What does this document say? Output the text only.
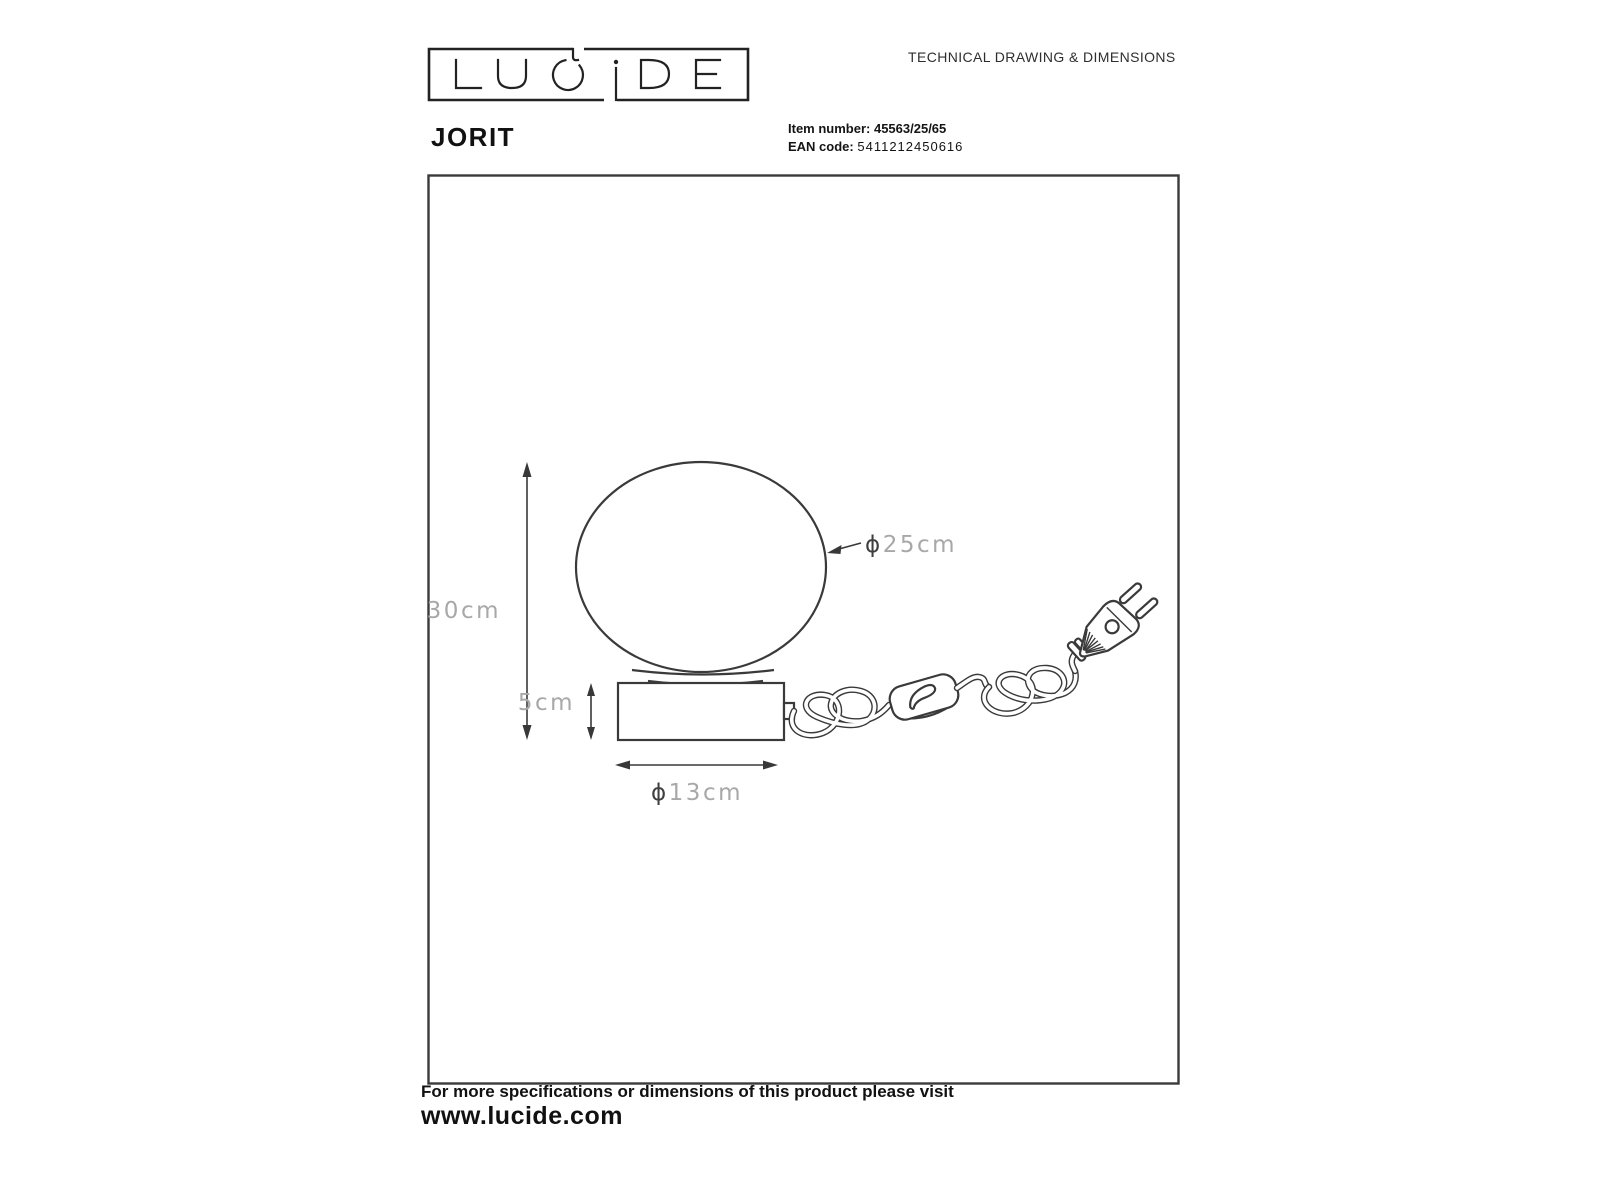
TECHNICAL DRAWING & DIMENSIONS
JORIT	Item number: 45563/25/65
EAN code: 5411212450616
30cm
5cm
ϕ13cm
ϕ25cm
For more specifications or dimensions of this product please visit
www.lucide.com
